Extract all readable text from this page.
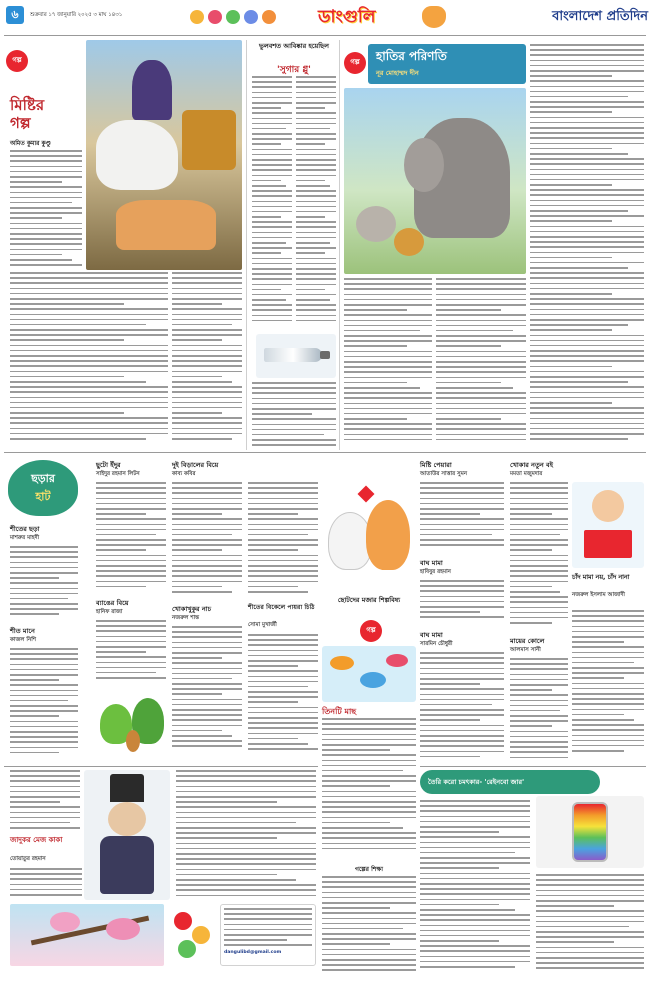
৬	শুক্রবার ১৭ জানুয়ারি ২০২৫ ৩ মাঘ ১৪৩১	ডাংগুলি	বাংলাদেশ প্রতিদিন
গল্প
মিষ্টির
গল্প
অমিত কুমার কুণ্ডু
ভুলবশত আবিষ্কার হয়েছিল
'সুগার গ্লু'
গল্প	হাতির পরিণতি
নূর মোহাম্মদ দীন
ছড়ার
হাট
শীতের ছড়া
মাশরুর মাহদী
শীত মানে
কাজল নিশি
ছুটো ইঁদুর
সাইদুর রহমান লিটন
ব্যাঙের বিয়ে
হানিফ রাজা
দুই বিড়ালের বিয়ে
কাব্য কবির
খোকাখুকুর নাচ
নজরুল শান্ত
শীতের বিকেলে পায়রা চিঠি
সোমা মুখার্জী
ছোটদের মজার শিল্পবিষ্য
গল্প
তিনটি মাছ
গল্পের শিক্ষা
মিষ্টি পেয়ারা
আতাউর সাত্তার সুমন
বাঘ মামা
হাবিবুর রহমান
বাঘ মামা
সারমিন চৌধুরী
খোকার নতুন বই
মমতা মজুমদার
চাঁদ মামা নয়, চাঁদ নানা
নজরুল ইসলাম আজাদী
মায়ের কোলে
আলমাস সানী
জাদুকর মেজ কাকা
তোয়াতুর রহমান
dangulibd@gmail.com
তৈরি করো চমৎকার- 'রেইনবো জার'
